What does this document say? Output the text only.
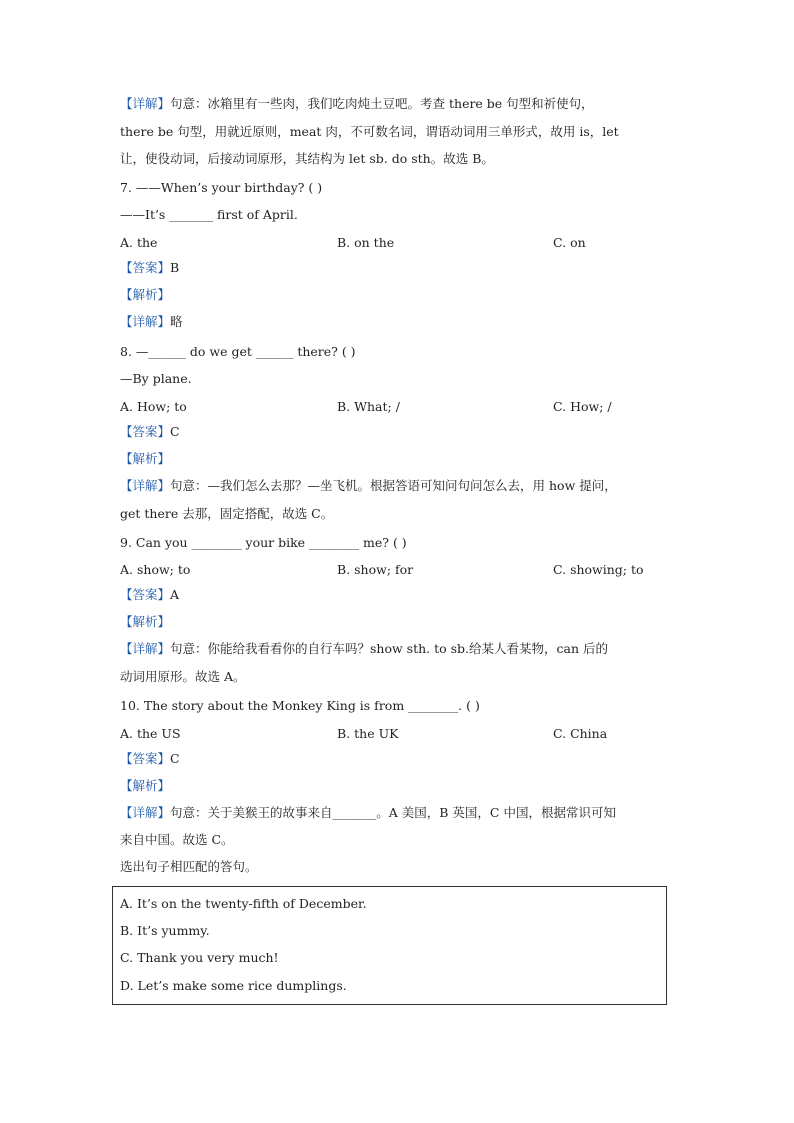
【详解】句意：冰箱里有一些肉，我们吃肉炖土豆吧。考查 there be 句型和祈使句，
there be 句型，用就近原则，meat 肉，不可数名词，谓语动词用三单形式，故用 is，let
让，使役动词，后接动词原形，其结构为 let sb. do sth。故选 B。
7. ——When’s your birthday? ( )
——It’s _______ first of April.
A. the	B. on the	C. on
【答案】B
【解析】
【详解】略
8. —______ do we get ______ there? ( )
—By plane.
A. How; to	B. What; /	C. How; /
【答案】C
【解析】
【详解】句意：—我们怎么去那？—坐飞机。根据答语可知问句问怎么去，用 how 提问，
get there 去那，固定搭配，故选 C。
9. Can you ________ your bike ________ me? ( )
A. show; to	B. show; for	C. showing; to
【答案】A
【解析】
【详解】句意：你能给我看看你的自行车吗？show sth. to sb.给某人看某物，can 后的
动词用原形。故选 A。
10. The story about the Monkey King is from ________. ( )
A. the US	B. the UK	C. China
【答案】C
【解析】
【详解】句意：关于美猴王的故事来自_______。A 美国，B 英国，C 中国，根据常识可知
来自中国。故选 C。
选出句子相匹配的答句。
A. It’s on the twenty-fifth of December.
B. It’s yummy.
C. Thank you very much!
D. Let’s make some rice dumplings.
